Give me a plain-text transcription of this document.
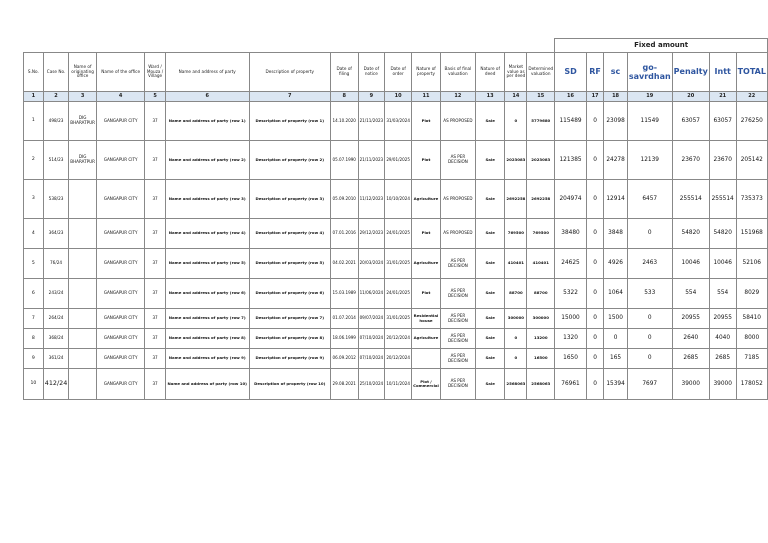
															Fixed amount						
S.No.	Case No.	Name of originating office	Name of the office	Ward / Mouza / Village	Name and address of party	Description of property	Date of filing	Date of notice	Date of order	Nature of property	Basis of final valuation	Nature of deed	Market value as per deed	Determined valuation	SD	RF	sc	go-savrdhan	Penalty	Intt	TOTAL
1	2	3	4	5	6	7	8	9	10	11	12	13	14	15	16	17	18	19	20	21	22
1	498/23	DIG BHARATPUR	GANGAPUR CITY	37	Name and address of party (row 1)	Description of property (row 1)	14.10.2020	21/11/2023	31/03/2024	Plot	AS PROPOSED	Sale	0	5779680	115489	0	23098	11549	63057	63057	276250
2	514/23	DIG BHARATPUR	GANGAPUR CITY	37	Name and address of party (row 2)	Description of property (row 2)	05.07.1990	21/11/2023	29/01/2025	Plot	AS PER DECISION	Sale	2023083	2023083	121385	0	24278	12139	23670	23670	205142
3	538/23		GANGAPUR CITY	37	Name and address of party (row 3)	Description of property (row 3)	05.09.2010	11/12/2023	10/10/2024	Agriculture	AS PROPOSED	Sale	2692258	2692258	204974	0	12914	6457	255514	255514	735373
4	364/23		GANGAPUR CITY	37	Name and address of party (row 4)	Description of property (row 4)	07.01.2016	29/12/2023	24/01/2025	Plot	AS PROPOSED	Sale	769500	769500	38480	0	3848	0	54820	54820	151968
5	76/24		GANGAPUR CITY	37	Name and address of party (row 5)	Description of property (row 5)	04.02.2021	20/03/2024	31/01/2025	Agriculture	AS PER DECISION	Sale	410401	410401	24625	0	4926	2463	10046	10046	52106
6	243/24		GANGAPUR CITY	37	Name and address of party (row 6)	Description of property (row 6)	15.03.1989	11/06/2024	24/01/2025	Plot	AS PER DECISION	Sale	88700	88700	5322	0	1064	533	554	554	8029
7	264/24		GANGAPUR CITY	37	Name and address of party (row 7)	Description of property (row 7)	01.07.2014	09/07/2024	31/01/2025	Residential house	AS PER DECISION	Sale	300000	300000	15000	0	1500	0	20955	20955	58410
8	368/24		GANGAPUR CITY	37	Name and address of party (row 8)	Description of property (row 8)	18.06.1999	07/10/2024	20/12/2024	Agriculture	AS PER DECISION	Sale	0	13200	1320	0	0	0	2640	4040	8000
9	361/24		GANGAPUR CITY	37	Name and address of party (row 9)	Description of property (row 9)	06.09.2012	07/10/2024	20/12/2024		AS PER DECISION	Sale	0	16500	1650	0	165	0	2685	2685	7185
10	412/24		GANGAPUR CITY	37	Name and address of party (row 10)	Description of property (row 10)	29.08.2021	25/10/2024	10/11/2024	Plot / Commercial	AS PER DECISION	Sale	2568063	2568063	76961	0	15394	7697	39000	39000	178052
